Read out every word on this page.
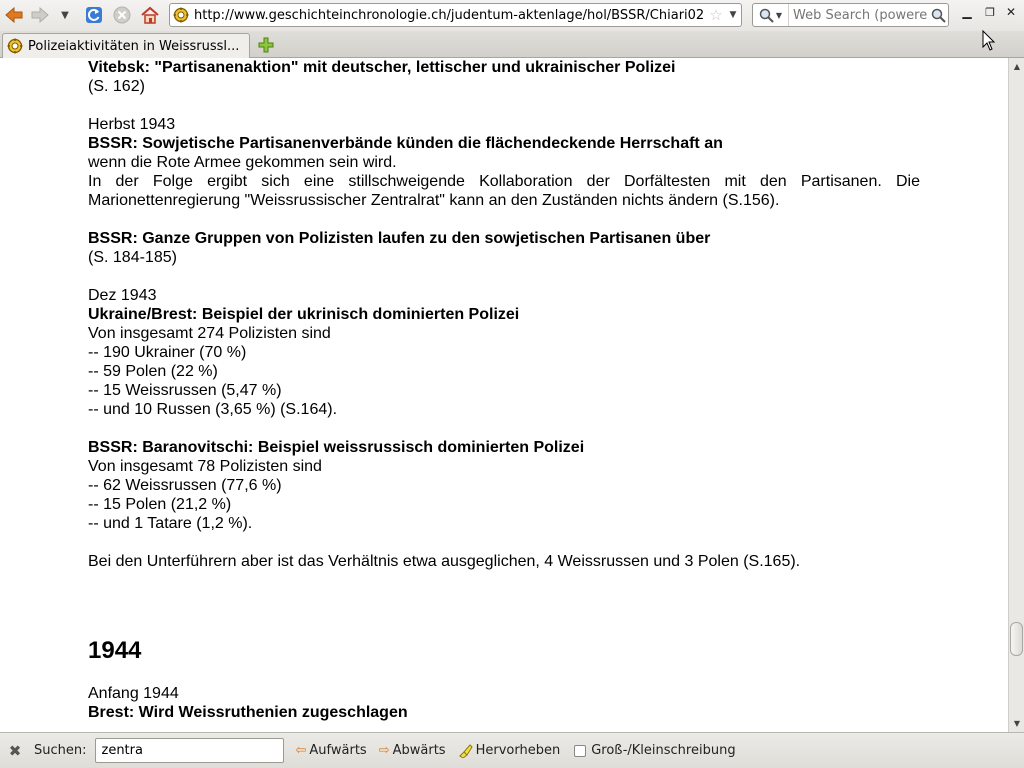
▼	http://www.geschichteinchronologie.ch/judentum-aktenlage/hol/BSSR/Chiari02 ☆ ▼	▼
Web Search (powered	▁ ❐ ✕
Polizeiaktivitäten in Weissrussl...

Vitebsk: "Partisanenaktion" mit deutscher, lettischer und ukrainischer Polizei

(S. 162)

Herbst 1943

BSSR: Sowjetische Partisanenverbände künden die flächendeckende Herrschaft an

wenn die Rote Armee gekommen sein wird.

In der Folge ergibt sich eine stillschweigende Kollaboration der Dorfältesten mit den Partisanen. Die Marionettenregierung "Weissrussischer Zentralrat" kann an den Zuständen nichts ändern (S.156).

BSSR: Ganze Gruppen von Polizisten laufen zu den sowjetischen Partisanen über

(S. 184-185)

Dez 1943

Ukraine/Brest: Beispiel der ukrinisch dominierten Polizei

Von insgesamt 274 Polizisten sind

-- 190 Ukrainer (70 %)

-- 59 Polen (22 %)

-- 15 Weissrussen (5,47 %)

-- und 10 Russen (3,65 %) (S.164).

BSSR: Baranovitschi: Beispiel weissrussisch dominierten Polizei

Von insgesamt 78 Polizisten sind

-- 62 Weissrussen (77,6 %)

-- 15 Polen (21,2 %)

-- und 1 Tatare (1,2 %).

Bei den Unterführern aber ist das Verhältnis etwa ausgeglichen, 4 Weissrussen und 3 Polen (S.165).

1944

Anfang 1944

Brest: Wird Weissruthenien zugeschlagen

▲
▼
✖ Suchen:
zentra	⇦ Aufwärts ⇨ Abwärts Hervorheben Groß-/Kleinschreibung
